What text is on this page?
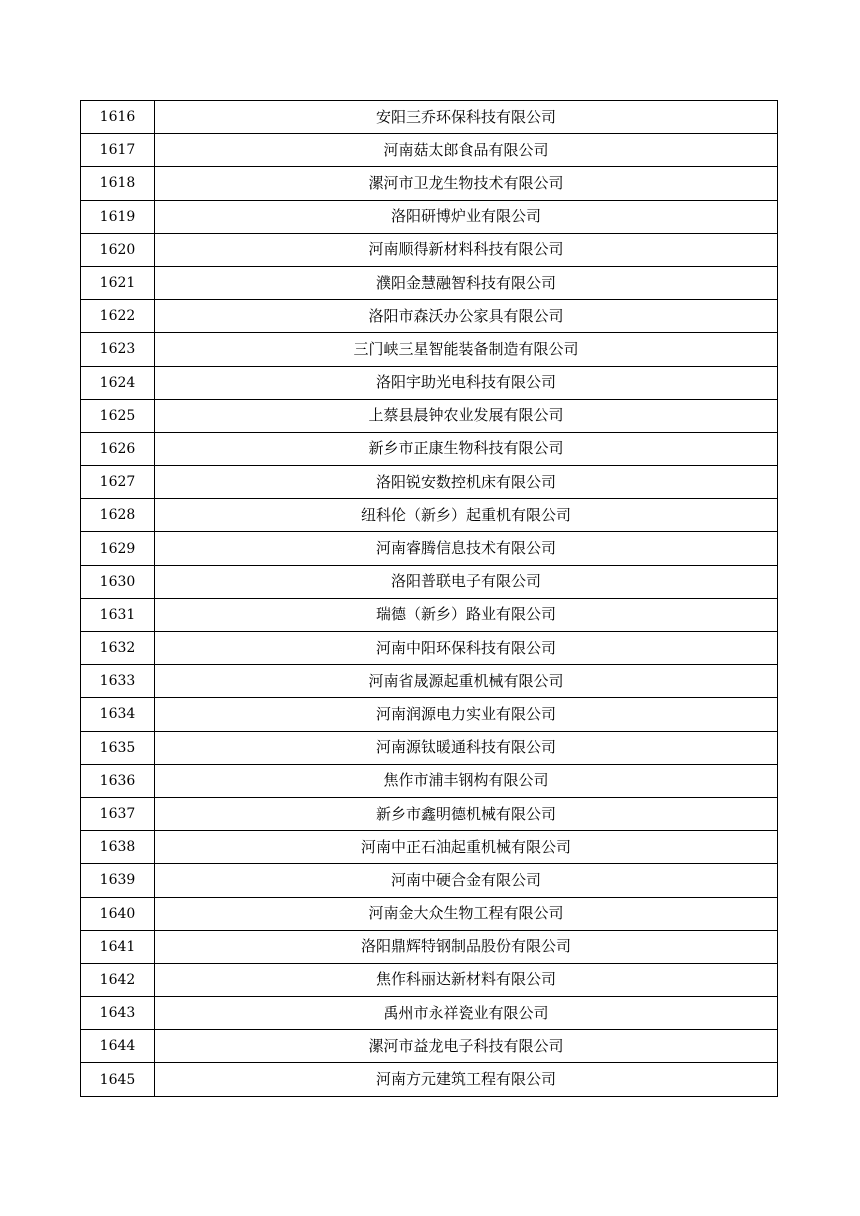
1616	安阳三乔环保科技有限公司
1617	河南菇太郎食品有限公司
1618	漯河市卫龙生物技术有限公司
1619	洛阳研博炉业有限公司
1620	河南顺得新材料科技有限公司
1621	濮阳金慧融智科技有限公司
1622	洛阳市森沃办公家具有限公司
1623	三门峡三星智能装备制造有限公司
1624	洛阳宇助光电科技有限公司
1625	上蔡县晨钟农业发展有限公司
1626	新乡市正康生物科技有限公司
1627	洛阳锐安数控机床有限公司
1628	纽科伦（新乡）起重机有限公司
1629	河南睿腾信息技术有限公司
1630	洛阳普联电子有限公司
1631	瑞德（新乡）路业有限公司
1632	河南中阳环保科技有限公司
1633	河南省晟源起重机械有限公司
1634	河南润源电力实业有限公司
1635	河南源钛暖通科技有限公司
1636	焦作市浦丰钢构有限公司
1637	新乡市鑫明德机械有限公司
1638	河南中正石油起重机械有限公司
1639	河南中硬合金有限公司
1640	河南金大众生物工程有限公司
1641	洛阳鼎辉特钢制品股份有限公司
1642	焦作科丽达新材料有限公司
1643	禹州市永祥瓷业有限公司
1644	漯河市益龙电子科技有限公司
1645	河南方元建筑工程有限公司
